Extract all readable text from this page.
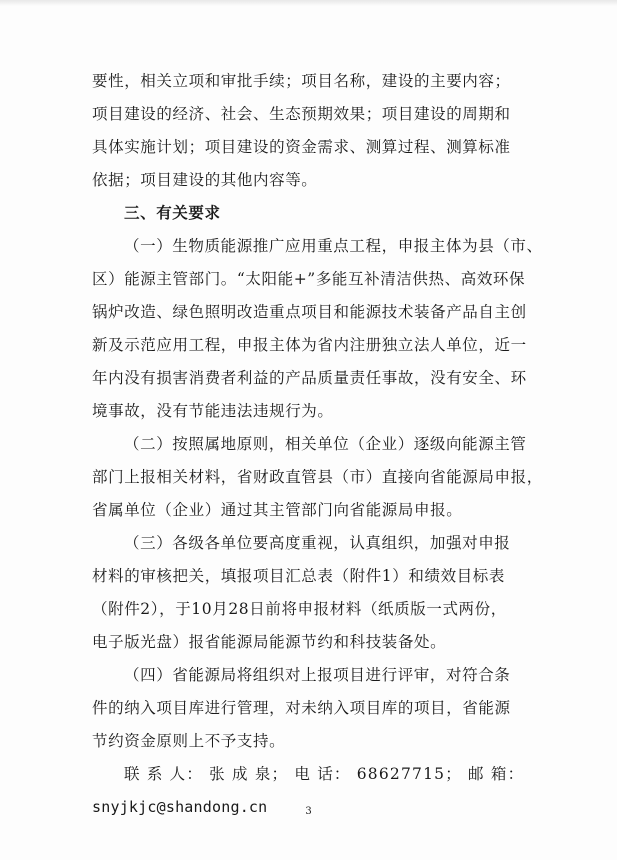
要性，相关立项和审批手续；项目名称，建设的主要内容；
项目建设的经济、社会、生态预期效果；项目建设的周期和
具体实施计划；项目建设的资金需求、测算过程、测算标准
依据；项目建设的其他内容等。
三、有关要求
（一）生物质能源推广应用重点工程，申报主体为县（市、
区）能源主管部门。“太阳能+”多能互补清洁供热、高效环保
锅炉改造、绿色照明改造重点项目和能源技术装备产品自主创
新及示范应用工程，申报主体为省内注册独立法人单位，近一
年内没有损害消费者利益的产品质量责任事故，没有安全、环
境事故，没有节能违法违规行为。
（二）按照属地原则，相关单位（企业）逐级向能源主管
部门上报相关材料，省财政直管县（市）直接向省能源局申报，
省属单位（企业）通过其主管部门向省能源局申报。
（三）各级各单位要高度重视，认真组织，加强对申报
材料的审核把关，填报项目汇总表（附件1）和绩效目标表
（附件2），于10月28日前将申报材料（纸质版一式两份，
电子版光盘）报省能源局能源节约和科技装备处。
（四）省能源局将组织对上报项目进行评审，对符合条
件的纳入项目库进行管理，对未纳入项目库的项目，省能源
节约资金原则上不予支持。
联 系 人： 张 成 泉； 电 话： 68627715； 邮 箱：
snyjkjc@shandong.cn	3
